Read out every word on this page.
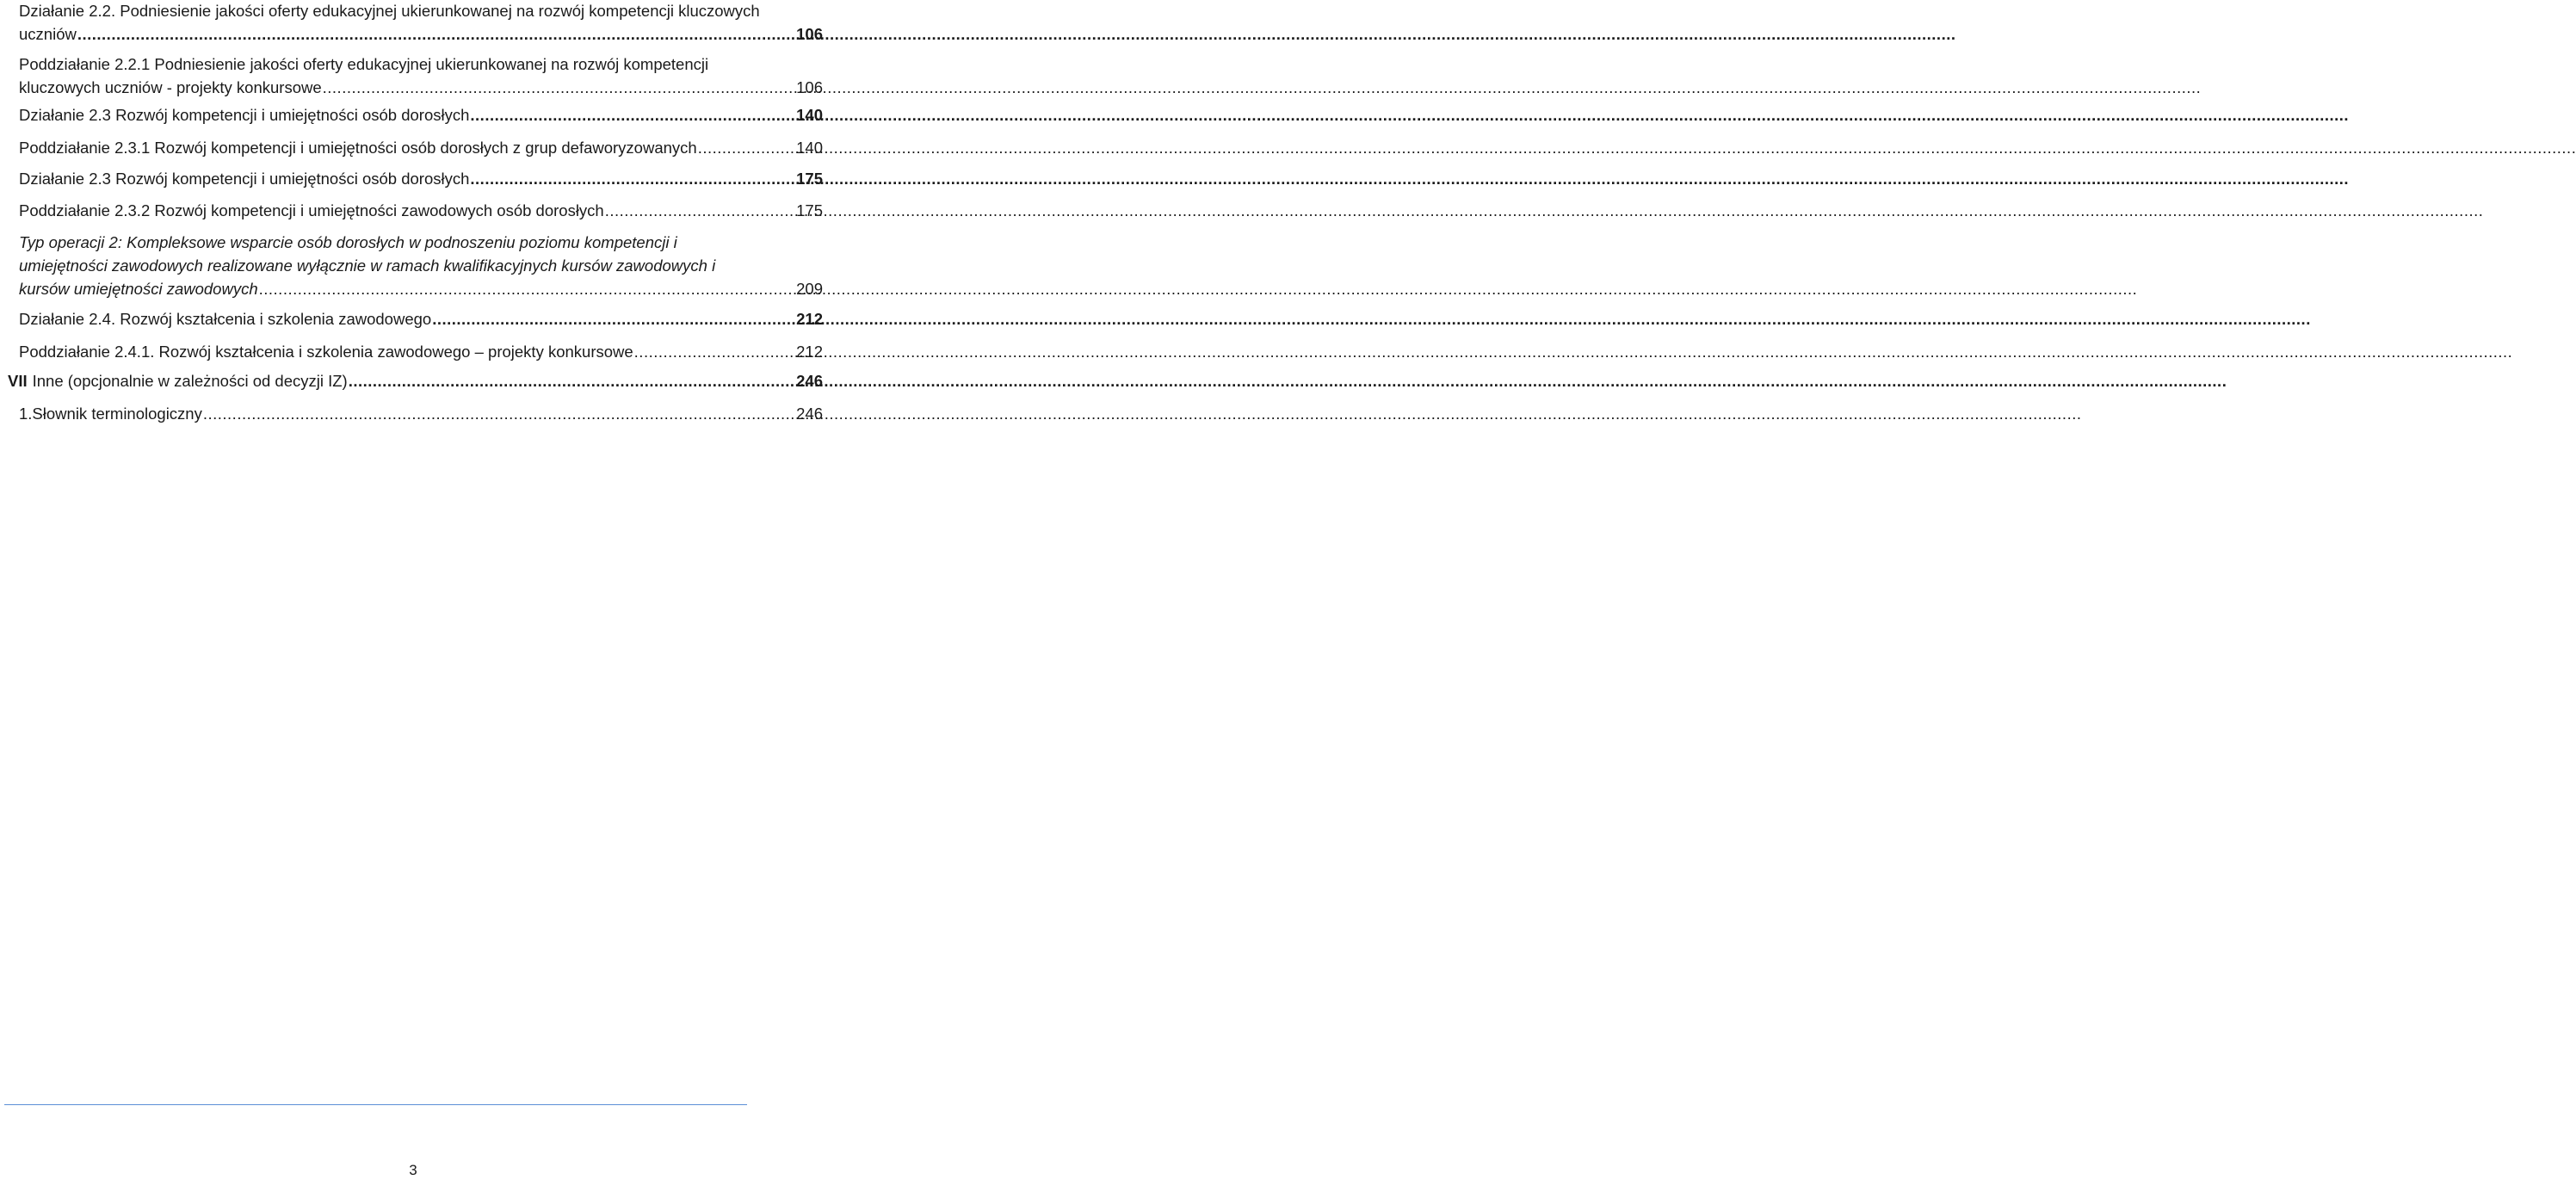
Działanie 2.2. Podniesienie jakości oferty edukacyjnej ukierunkowanej na rozwój kompetencji kluczowych
uczniów .....	106
Poddziałanie 2.2.1 Podniesienie jakości oferty edukacyjnej ukierunkowanej na rozwój kompetencji
kluczowych uczniów - projekty konkursowe .....	106
Działanie 2.3 Rozwój kompetencji i umiejętności osób dorosłych .....	140
Poddziałanie 2.3.1 Rozwój kompetencji i umiejętności osób dorosłych z grup defaworyzowanych .....	140
Działanie 2.3 Rozwój kompetencji i umiejętności osób dorosłych .....	175
Poddziałanie 2.3.2 Rozwój kompetencji i umiejętności zawodowych osób dorosłych .....	175
Typ operacji 2: Kompleksowe wsparcie osób dorosłych w podnoszeniu poziomu kompetencji i
umiejętności zawodowych realizowane wyłącznie w ramach kwalifikacyjnych kursów zawodowych i
kursów umiejętności zawodowych .....	209
Działanie 2.4. Rozwój kształcenia i szkolenia zawodowego .....	212
Poddziałanie 2.4.1. Rozwój kształcenia i szkolenia zawodowego – projekty konkursowe .....	212
VII Inne (opcjonalnie w zależności od decyzji IZ) .....	246
1.Słownik terminologiczny .....	246
3
